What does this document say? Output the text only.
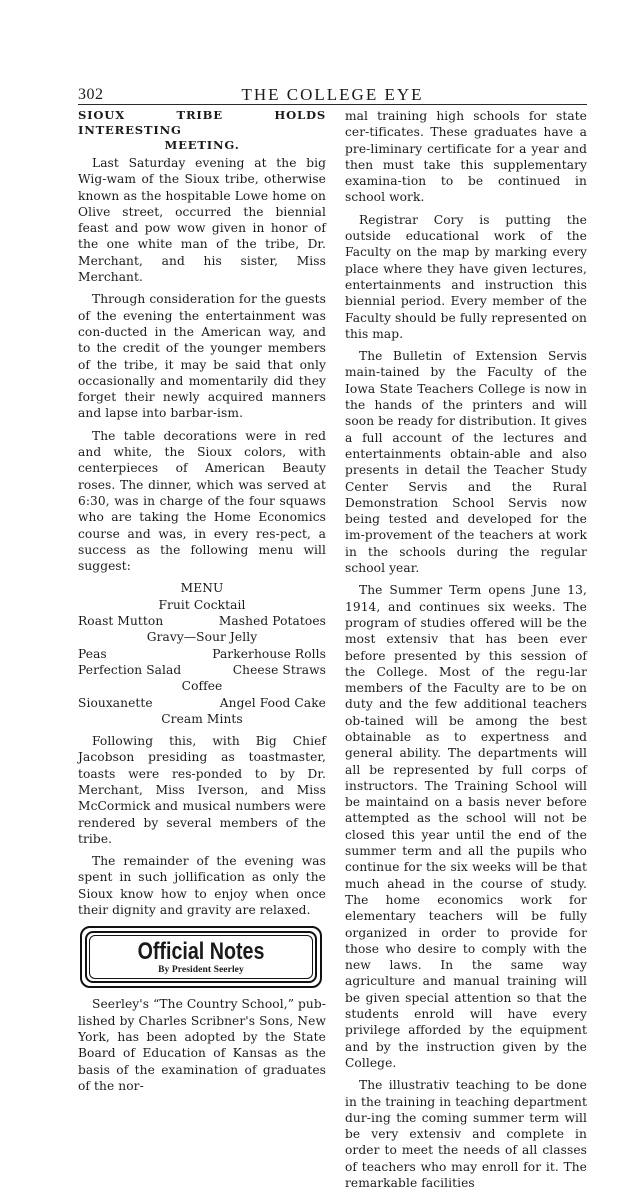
302	THE COLLEGE EYE
SIOUX TRIBE HOLDS INTERESTING
MEETING.

Last Saturday evening at the big Wig-wam of the Sioux tribe, otherwise known as the hospitable Lowe home on Olive street, occurred the biennial feast and pow wow given in honor of the one white man of the tribe, Dr. Merchant, and his sister, Miss Merchant.

Through consideration for the guests of the evening the entertainment was con-ducted in the American way, and to the credit of the younger members of the tribe, it may be said that only occasionally and momentarily did they forget their newly acquired manners and lapse into barbar-ism.

The table decorations were in red and white, the Sioux colors, with centerpieces of American Beauty roses. The dinner, which was served at 6:30, was in charge of the four squaws who are taking the Home Economics course and was, in every res-pect, a success as the following menu will suggest:

MENU
Fruit Cocktail
Roast Mutton	Mashed Potatoes
Gravy—Sour Jelly
Peas	Parkerhouse Rolls
Perfection Salad	Cheese Straws
Coffee
Siouxanette	Angel Food Cake
Cream Mints

Following this, with Big Chief Jacobson presiding as toastmaster, toasts were res-ponded to by Dr. Merchant, Miss Iverson, and Miss McCormick and musical numbers were rendered by several members of the tribe.

The remainder of the evening was spent in such jollification as only the Sioux know how to enjoy when once their dignity and gravity are relaxed.

Official Notes
By President Seerley

Seerley's “The Country School,” pub-lished by Charles Scribner's Sons, New York, has been adopted by the State Board of Education of Kansas as the basis of the examination of graduates of the nor-

mal training high schools for state cer-tificates. These graduates have a pre-liminary certificate for a year and then must take this supplementary examina-tion to be continued in school work.

Registrar Cory is putting the outside educational work of the Faculty on the map by marking every place where they have given lectures, entertainments and instruction this biennial period. Every member of the Faculty should be fully represented on this map.

The Bulletin of Extension Servis main-tained by the Faculty of the Iowa State Teachers College is now in the hands of the printers and will soon be ready for distribution. It gives a full account of the lectures and entertainments obtain-able and also presents in detail the Teacher Study Center Servis and the Rural Demonstration School Servis now being tested and developed for the im-provement of the teachers at work in the schools during the regular school year.

The Summer Term opens June 13, 1914, and continues six weeks. The program of studies offered will be the most extensiv that has been ever before presented by this session of the College. Most of the regu-lar members of the Faculty are to be on duty and the few additional teachers ob-tained will be among the best obtainable as to expertness and general ability. The departments will all be represented by full corps of instructors. The Training School will be maintaind on a basis never before attempted as the school will not be closed this year until the end of the summer term and all the pupils who continue for the six weeks will be that much ahead in the course of study. The home economics work for elementary teachers will be fully organized in order to provide for those who desire to comply with the new laws. In the same way agriculture and manual training will be given special attention so that the students enrold will have every privilege afforded by the equipment and by the instruction given by the College.

The illustrativ teaching to be done in the training in teaching department dur-ing the coming summer term will be very extensiv and complete in order to meet the needs of all classes of teachers who may enroll for it. The remarkable facilities
